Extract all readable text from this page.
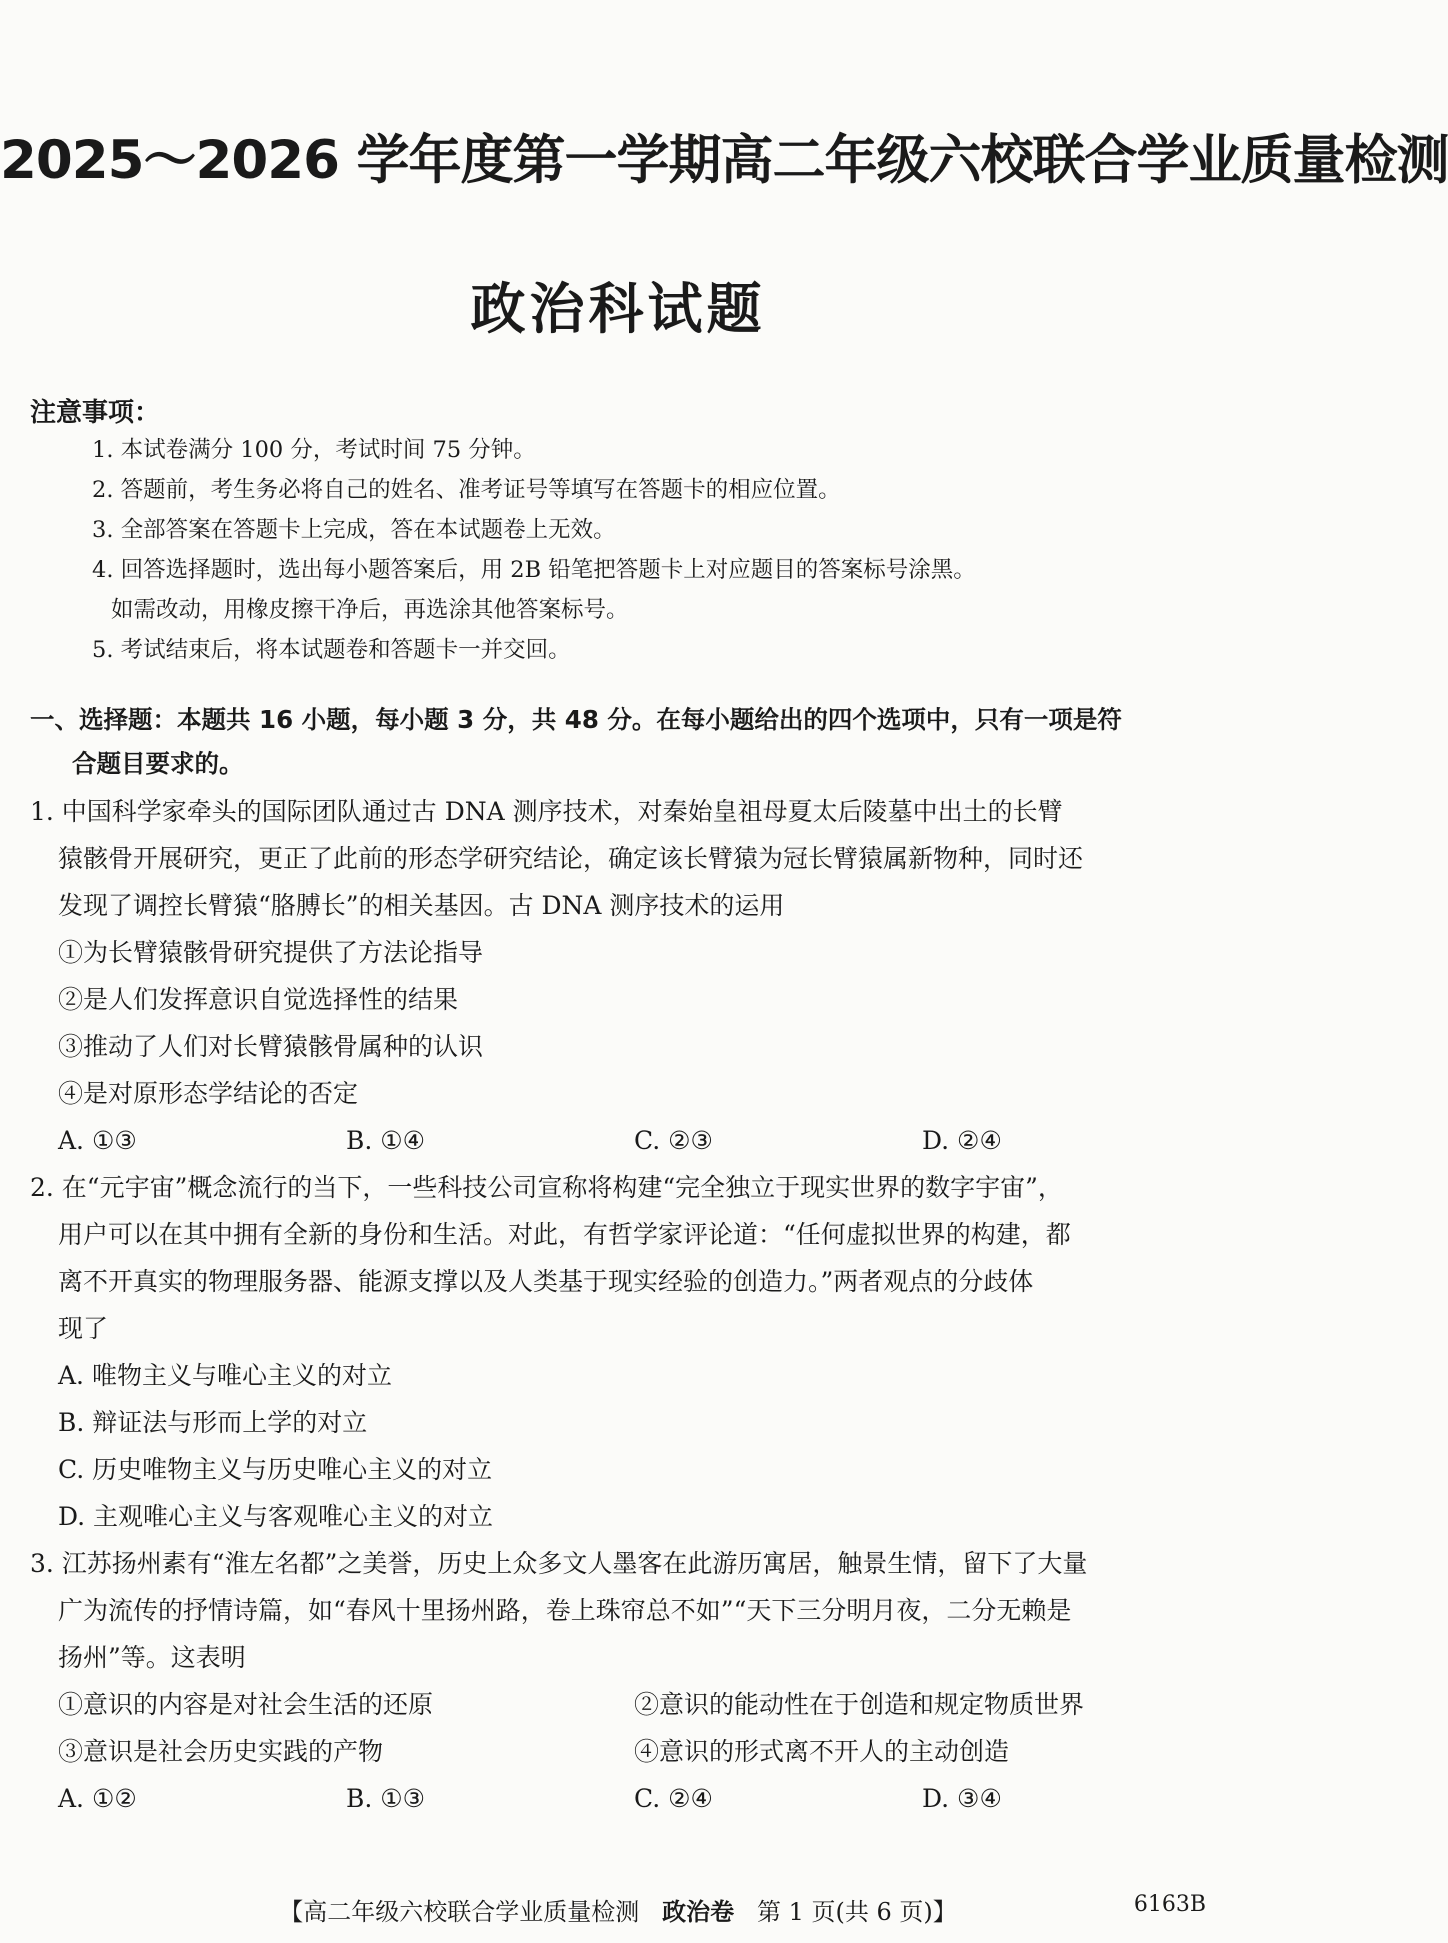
2025～2026 学年度第一学期高二年级六校联合学业质量检测
政治科试题
注意事项：
1. 本试卷满分 100 分，考试时间 75 分钟。
2. 答题前，考生务必将自己的姓名、准考证号等填写在答题卡的相应位置。
3. 全部答案在答题卡上完成，答在本试题卷上无效。
4. 回答选择题时，选出每小题答案后，用 2B 铅笔把答题卡上对应题目的答案标号涂黑。
如需改动，用橡皮擦干净后，再选涂其他答案标号。
5. 考试结束后，将本试题卷和答题卡一并交回。
一、选择题：本题共 16 小题，每小题 3 分，共 48 分。在每小题给出的四个选项中，只有一项是符
合题目要求的。
1. 中国科学家牵头的国际团队通过古 DNA 测序技术，对秦始皇祖母夏太后陵墓中出土的长臂
猿骸骨开展研究，更正了此前的形态学研究结论，确定该长臂猿为冠长臂猿属新物种，同时还
发现了调控长臂猿“胳膊长”的相关基因。古 DNA 测序技术的运用
①为长臂猿骸骨研究提供了方法论指导
②是人们发挥意识自觉选择性的结果
③推动了人们对长臂猿骸骨属种的认识
④是对原形态学结论的否定
A. ①③	B. ①④	C. ②③	D. ②④
2. 在“元宇宙”概念流行的当下，一些科技公司宣称将构建“完全独立于现实世界的数字宇宙”，
用户可以在其中拥有全新的身份和生活。对此，有哲学家评论道：“任何虚拟世界的构建，都
离不开真实的物理服务器、能源支撑以及人类基于现实经验的创造力。”两者观点的分歧体
现了
A. 唯物主义与唯心主义的对立
B. 辩证法与形而上学的对立
C. 历史唯物主义与历史唯心主义的对立
D. 主观唯心主义与客观唯心主义的对立
3. 江苏扬州素有“淮左名都”之美誉，历史上众多文人墨客在此游历寓居，触景生情，留下了大量
广为流传的抒情诗篇，如“春风十里扬州路，卷上珠帘总不如”“天下三分明月夜，二分无赖是
扬州”等。这表明
①意识的内容是对社会生活的还原	②意识的能动性在于创造和规定物质世界
③意识是社会历史实践的产物	④意识的形式离不开人的主动创造
A. ①②	B. ①③	C. ②④	D. ③④
【高二年级六校联合学业质量检测 政治卷 第 1 页(共 6 页)】	6163B
